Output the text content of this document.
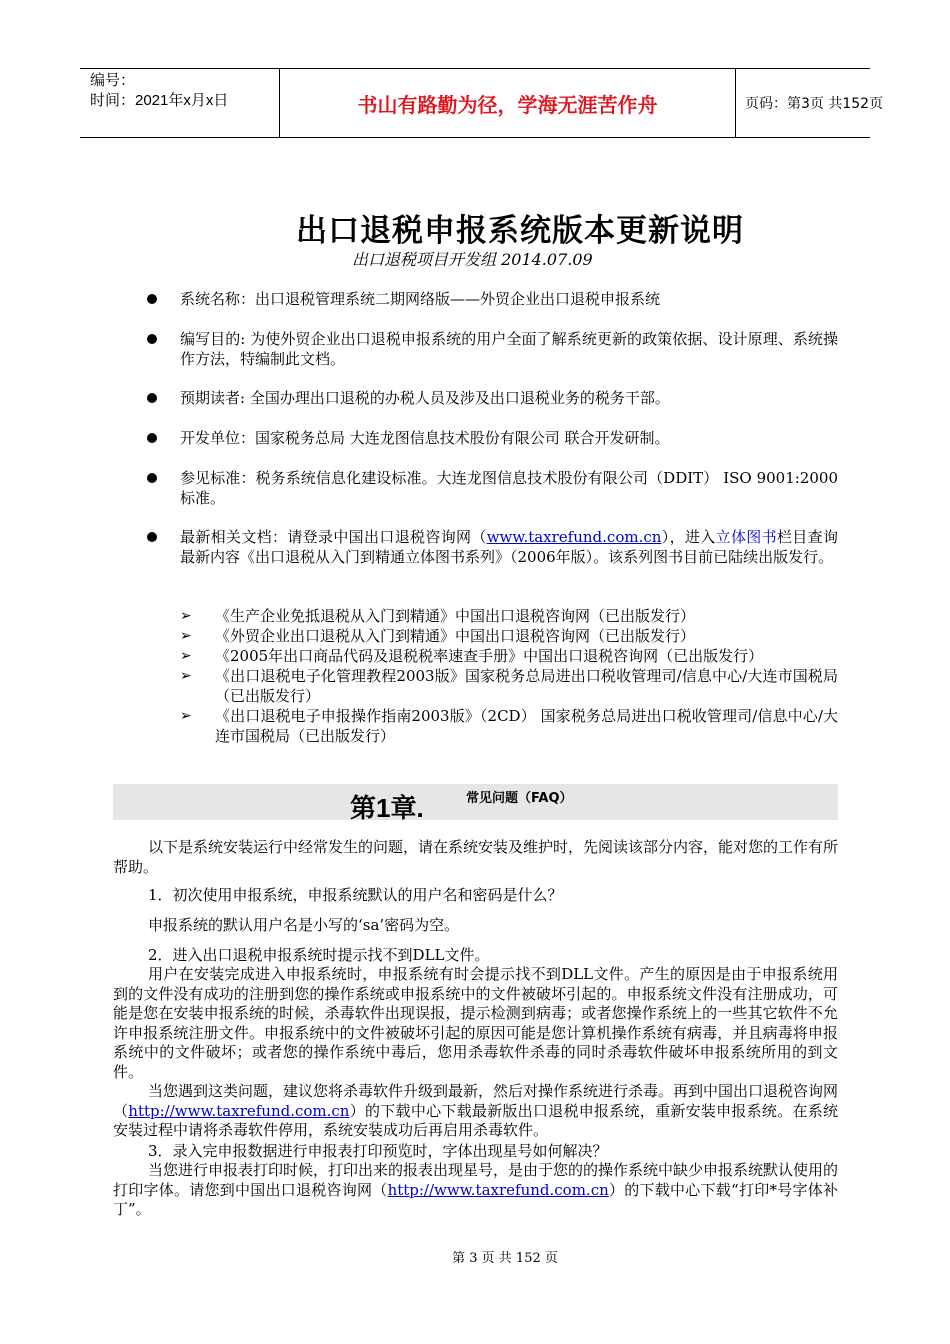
编号：
时间：2021年x月x日	书山有路勤为径，学海无涯苦作舟	页码：第3页 共152页
出口退税申报系统版本更新说明
出口退税项目开发组 2014.07.09
系统名称：出口退税管理系统二期网络版——外贸企业出口退税申报系统
编写目的: 为使外贸企业出口退税申报系统的用户全面了解系统更新的政策依据、设计原理、系统操作方法，特编制此文档。
预期读者: 全国办理出口退税的办税人员及涉及出口退税业务的税务干部。
开发单位：国家税务总局 大连龙图信息技术股份有限公司 联合开发研制。
参见标准：税务系统信息化建设标准。大连龙图信息技术股份有限公司（DDIT） ISO 9001:2000标准。
最新相关文档：请登录中国出口退税咨询网（www.taxrefund.com.cn），进入立体图书栏目查询最新内容《出口退税从入门到精通立体图书系列》（2006年版）。该系列图书目前已陆续出版发行。
➢ 《生产企业免抵退税从入门到精通》中国出口退税咨询网（已出版发行）
➢ 《外贸企业出口退税从入门到精通》中国出口退税咨询网（已出版发行）
➢ 《2005年出口商品代码及退税税率速查手册》中国出口退税咨询网（已出版发行）
➢ 《出口退税电子化管理教程2003版》国家税务总局进出口税收管理司/信息中心/大连市国税局（已出版发行）
➢ 《出口退税电子申报操作指南2003版》（2CD） 国家税务总局进出口税收管理司/信息中心/大连市国税局（已出版发行）
第1章.	常见问题（FAQ）
以下是系统安装运行中经常发生的问题，请在系统安装及维护时，先阅读该部分内容，能对您的工作有所帮助。
1．初次使用申报系统，申报系统默认的用户名和密码是什么？
申报系统的默认用户名是小写的‘sa’密码为空。
2．进入出口退税申报系统时提示找不到DLL文件。
用户在安装完成进入申报系统时，申报系统有时会提示找不到DLL文件。产生的原因是由于申报系统用到的文件没有成功的注册到您的操作系统或申报系统中的文件被破坏引起的。申报系统文件没有注册成功，可能是您在安装申报系统的时候，杀毒软件出现误报，提示检测到病毒；或者您操作系统上的一些其它软件不允许申报系统注册文件。申报系统中的文件被破坏引起的原因可能是您计算机操作系统有病毒，并且病毒将申报系统中的文件破坏；或者您的操作系统中毒后，您用杀毒软件杀毒的同时杀毒软件破坏申报系统所用的到文件。
当您遇到这类问题，建议您将杀毒软件升级到最新，然后对操作系统进行杀毒。再到中国出口退税咨询网（http://www.taxrefund.com.cn）的下载中心下载最新版出口退税申报系统，重新安装申报系统。在系统安装过程中请将杀毒软件停用，系统安装成功后再启用杀毒软件。
3．录入完申报数据进行申报表打印预览时，字体出现星号如何解决？
当您进行申报表打印时候，打印出来的报表出现星号，是由于您的的操作系统中缺少申报系统默认使用的打印字体。请您到中国出口退税咨询网（http://www.taxrefund.com.cn）的下载中心下载“打印*号字体补丁”。
第 3 页 共 152 页
